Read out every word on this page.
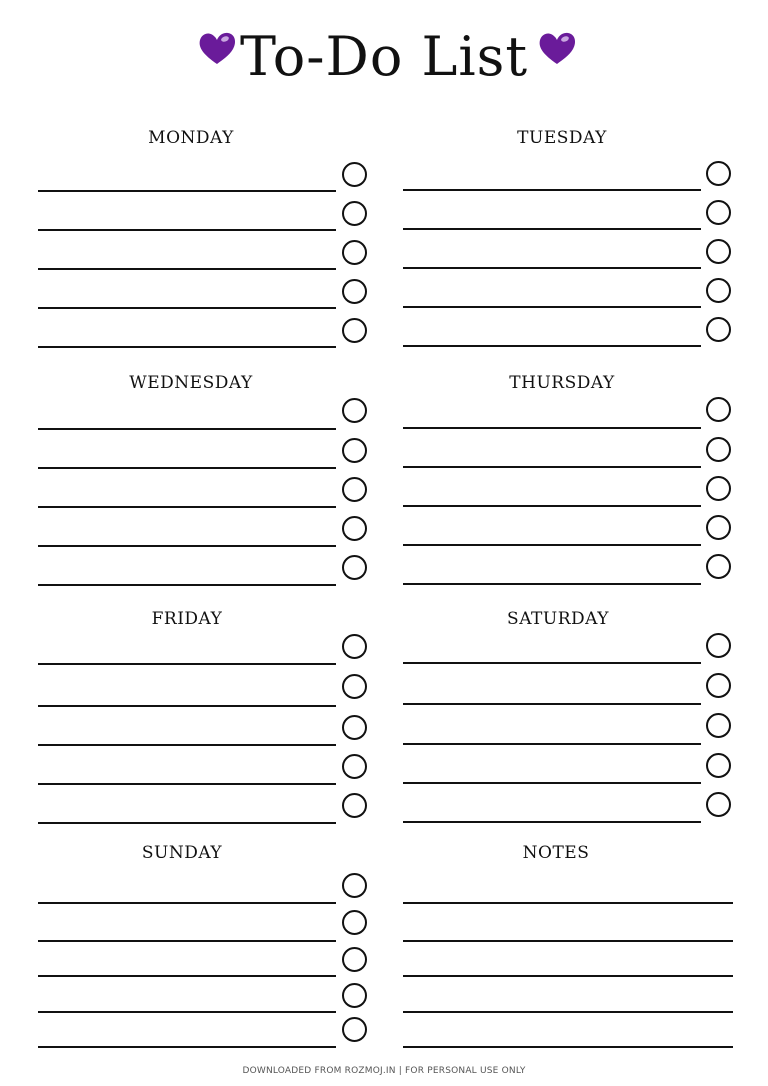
To-Do List
MONDAY	TUESDAY
WEDNESDAY	THURSDAY
FRIDAY	SATURDAY
SUNDAY	NOTES
DOWNLOADED FROM ROZMOJ.IN | FOR PERSONAL USE ONLY
